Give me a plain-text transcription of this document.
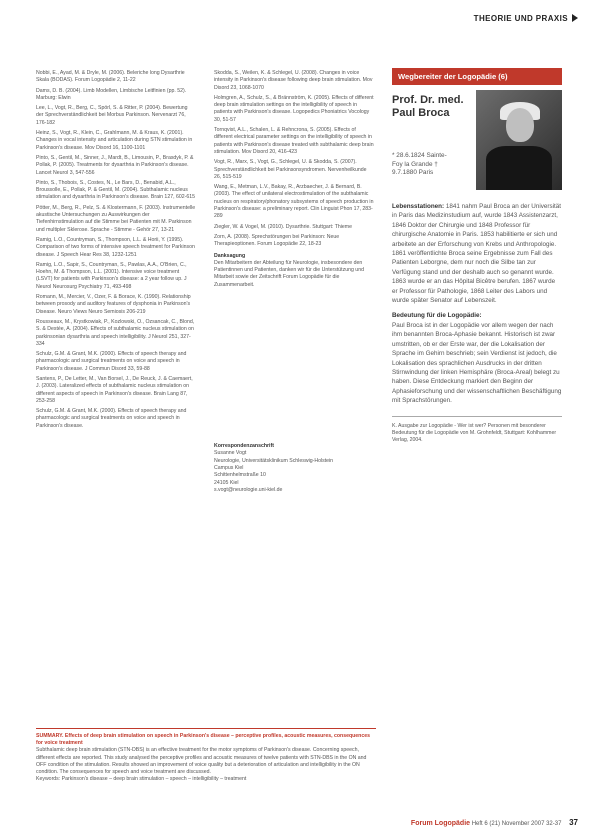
THEORIE UND PRAXIS
Nobbi, E., Ayad, M. & Dryle, M. (2006). Beleriche long Dysarthrie Skala (BODAS). Forum Logopädie 2, 11-22
Dams, D. B. (2004). Limb Modellen, Limbische Leitfinien (pp. 52). Marburg: Elwin
Lee, L., Vogt, R., Berg, C., Spörl, S. & Ritter, P. (2004). Bewertung der Sprechverständlichkeit bei Morbus Parkinson. Nervenarzt 76, 176-182
Heinz, S., Vogt, R., Klein, C., Grahlmann, M. & Kraus, K. (2001). Changes in vocal intensity and articulation during STN stimulation in Parkinson's disease. Mov Disord 16, 1100-1101
Pinto, S., Gentil, M., Sinner, J., Mardt, B., Limousin, P., Brasdyk, P. & Pollak, P. (2005). Treatments for dysarthria in Parkinson's disease. Lancet Neurol 3, 547-556
Pinto, S., Thobois, S., Costes, N., Le Bars, D., Benabid, A.L., Broussolle, E., Pollak, P. & Gentil, M. (2004). Subthalamic nucleus stimulation and dysarthria in Parkinson's disease. Brain 127, 602-615
Pötter, M., Berg, R., Pelz, S. & Klostermann, F. (2003). Instrumentelle akustische Untersuchungen zu Auswirkungen der Tiefenhirnstimulation auf die Stimme bei Patienten mit M. Parkinson und multipler Sklerose. Sprache - Stimme - Gehör 27, 13-21
Ramig, L.O., Countryman, S., Thompson, L.L. & Horii, Y. (1995). Comparison of two forms of intensive speech treatment for Parkinson disease. J Speech Hear Res 38, 1232-1251
Ramig, L.O., Sapir, S., Countryman, S., Pawlas, A.A., O'Brien, C., Hoehn, M. & Thompson, L.L. (2001). Intensive voice treatment (LSVT) for patients with Parkinson's disease: a 2 year follow up. J Neurol Neurosurg Psychiatry 71, 493-498
Romann, M., Mercier, V., Ozer, F. & Borace, K. (1990). Relationship between prosody and auditory features of dysphonia in Parkinson's Disease. Neuro Views Neuro Semiosis 206-219
Rousseaux, M., Krystkowiak, P., Kozlowski, O., Ozsancak, C., Blond, S. & Destée, A. (2004). Effects of subthalamic nucleus stimulation on parkinsonian dysarthria and speech intelligibility. J Neurol 251, 327-334
Schulz, G.M. & Grant, M.K. (2000). Effects of speech therapy and pharmacologic and surgical treatments on voice and speech in Parkinson's disease. J Commun Disord 33, 59-88
Santens, P., De Letter, M., Van Borsel, J., De Reuck, J. & Caemaert, J. (2003). Lateralized effects of subthalamic nucleus stimulation on different aspects of speech in Parkinson's disease. Brain Lang 87, 253-258
Schulz, G.M. & Grant, M.K. (2000). Effects of speech therapy and pharmacologic and surgical treatments on voice and speech in Parkinson's disease.
Skodda, S., Weilen, K. & Schlegel, U. (2008). Changes in voice intensity in Parkinson's disease following deep brain stimulation. Mov Disord 23, 1068-1070
Holmgren, A., Schulz, S., & Brännström, K. (2005). Effects of different deep brain stimulation settings on the intelligibility of speech in patients with Parkinson's disease. Logopedics Phoniatrics Vocology 30, 51-57
Tornqvist, A.L., Schalen, L. & Rehncrona, S. (2005). Effects of different electrical parameter settings on the intelligibility of speech in patients with Parkinson's disease treated with subthalamic deep brain stimulation. Mov Disord 20, 416-423
Vogt, R., Marx, S., Vogt, G., Schlegel, U. & Skodda, S. (2007). Sprechverständlichkeit bei Parkinsonsyndromen. Nervenheilkunde 26, 515-519
Wang, E., Metman, L.V., Bakay, R., Arzbaecher, J. & Bernard, B. (2003). The effect of unilateral electrostimulation of the subthalamic nucleus on respiratory/phonatory subsystems of speech production in Parkinson's disease: a preliminary report. Clin Linguist Phon 17, 283-289
Ziegler, W. & Vogel, M. (2010). Dysarthrie. Stuttgart: Thieme
Zorn, A. (2008). Sprechstörungen bei Parkinson: Neue Therapieoptionen. Forum Logopädie 22, 18-23
Danksagung
Den Mitarbeitern der Abteilung für Neurologie, insbesondere den Patientinnen und Patienten, danken wir für die Unterstützung und Mitarbeit sowie der Zeitschrift Forum Logopädie für die Zusammenarbeit.
Korrespondenzanschrift
Susanne Vogt
Neurologie, Universitätsklinikum Schleswig-Holstein
Campus Kiel
Schittenhelmstraße 10
24105 Kiel
s.vogt@neurologie.uni-kiel.de
Wegbereiter der Logopädie (6)
Prof. Dr. med. Paul Broca
* 28.6.1824 Sainte-Foy la Grande † 9.7.1880 Paris

Lebensstationen: 1841 nahm Paul Broca an der Universität in Paris das Medizinstudium auf, wurde 1843 Assistenzarzt, 1846 Doktor der Chirurgie und 1848 Professor für chirurgische Anatomie in Paris. 1853 habilitierte er sich und arbeitete an der Erforschung von Krebs und Anthropologie. 1861 veröffentlichte Broca seine Ergebnisse zum Fall des Patienten Leborgne, dem nur noch die Silbe tan zur Verfügung stand und der deshalb auch so genannt wurde. 1863 wurde er an das Hôpital Bicêtre berufen. 1867 wurde er Professor für Pathologie, 1868 Leiter des Labors und wurde später Senator auf Lebenszeit.

Bedeutung für die Logopädie:
Paul Broca ist in der Logopädie vor allem wegen der nach ihm benannten Broca-Aphasie bekannt. Historisch ist zwar umstritten, ob er der Erste war, der die Lokalisation der Sprache im Gehirn beschrieb; sein Verdienst ist jedoch, die Lokalisation des sprachlichen Ausdrucks in der dritten Stirnwindung der linken Hemisphäre (Broca-Areal) belegt zu haben. Diese Entdeckung markiert den Beginn der Aphasieforschung und der wissenschaftlichen Beschäftigung mit Sprachstörungen.

K. Ausgabe zur Logopädie - Wer ist wer? Personen mit besonderer Bedeutung für die Logopädie von M. Grohnfeldt, Stuttgart: Kohlhammer Verlag, 2004.
SUMMARY. Effects of deep brain stimulation on speech in Parkinson's disease – perceptive profiles, acoustic measures, consequences for voice treatment
Subthalamic deep brain stimulation (STN-DBS) is an effective treatment for the motor symptoms of Parkinson's disease. Concerning speech, different effects are reported. This study analysed the perceptive profiles and acoustic measures of twelve patients with STN-DBS in the ON and OFF condition of the stimulation. Results showed an improvement of voice quality but a deterioration of articulation and intelligibility in the ON condition. The consequences for speech and voice treatment are discussed.
Keywords: Parkinson's disease – deep brain stimulation – speech – intelligibility – treatment
Forum Logopädie Heft 6 (21) November 2007 32-37 37
